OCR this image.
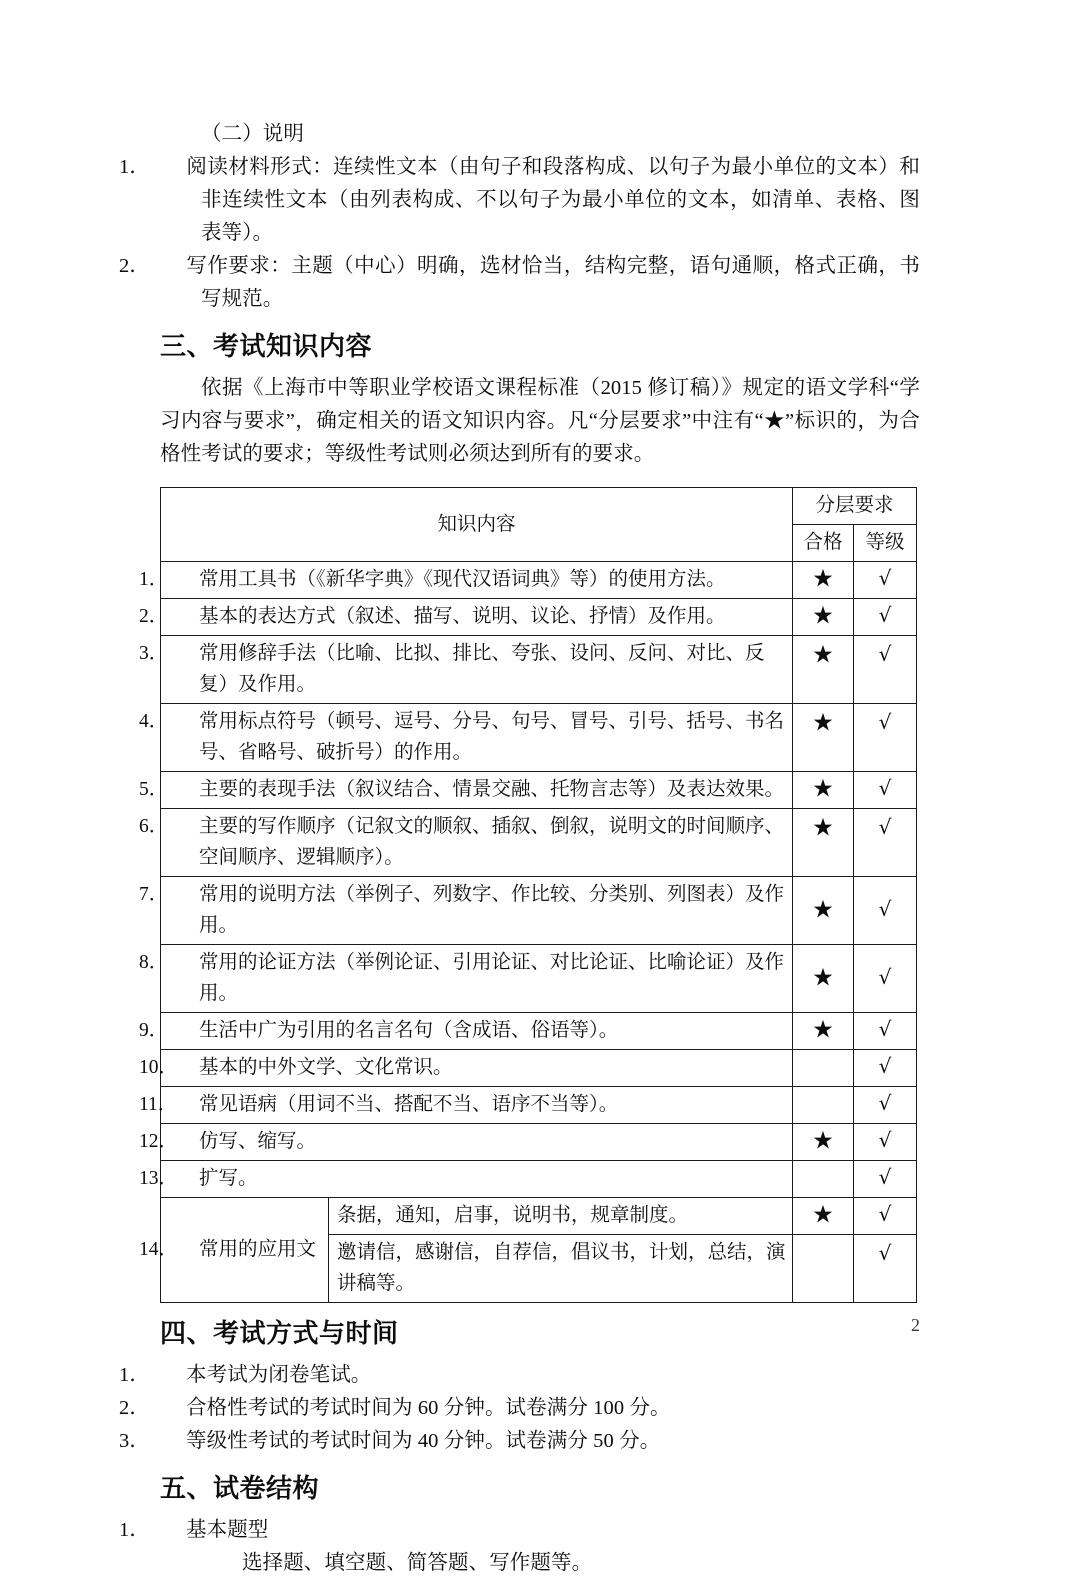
（二）说明

1． 阅读材料形式：连续性文本（由句子和段落构成、以句子为最小单位的文本）和非连续性文本（由列表构成、不以句子为最小单位的文本，如清单、表格、图表等）。

2． 写作要求：主题（中心）明确，选材恰当，结构完整，语句通顺，格式正确，书写规范。

三、考试知识内容

依据《上海市中等职业学校语文课程标准（2015 修订稿）》规定的语文学科“学习内容与要求”，确定相关的语文知识内容。凡“分层要求”中注有“★”标识的，为合格性考试的要求；等级性考试则必须达到所有的要求。

知识内容		分层要求	
		合格	等级

1． 常用工具书（《新华字典》《现代汉语词典》等）的使用方法。		★	√

2． 基本的表达方式（叙述、描写、说明、议论、抒情）及作用。		★	√

3． 常用修辞手法（比喻、比拟、排比、夸张、设问、反问、对比、反复）及作用。		★	√

4． 常用标点符号（顿号、逗号、分号、句号、冒号、引号、括号、书名号、省略号、破折号）的作用。		★	√

5． 主要的表现手法（叙议结合、情景交融、托物言志等）及表达效果。		★	√

6． 主要的写作顺序（记叙文的顺叙、插叙、倒叙，说明文的时间顺序、空间顺序、逻辑顺序）。		★	√

7． 常用的说明方法（举例子、列数字、作比较、分类别、列图表）及作用。		★	√

8． 常用的论证方法（举例论证、引用论证、对比论证、比喻论证）及作用。		★	√

9． 生活中广为引用的名言名句（含成语、俗语等）。		★	√

10． 基本的中外文学、文化常识。			√

11． 常见语病（用词不当、搭配不当、语序不当等）。			√

12． 仿写、缩写。		★	√

13． 扩写。			√

14． 常用的应用文	条据，通知，启事，说明书，规章制度。	★	√
	邀请信，感谢信，自荐信，倡议书，计划，总结，演讲稿等。		√
四、考试方式与时间

1． 本考试为闭卷笔试。

2． 合格性考试的考试时间为 60 分钟。试卷满分 100 分。

3． 等级性考试的考试时间为 40 分钟。试卷满分 50 分。

五、试卷结构

1． 基本题型

选择题、填空题、简答题、写作题等。

2
